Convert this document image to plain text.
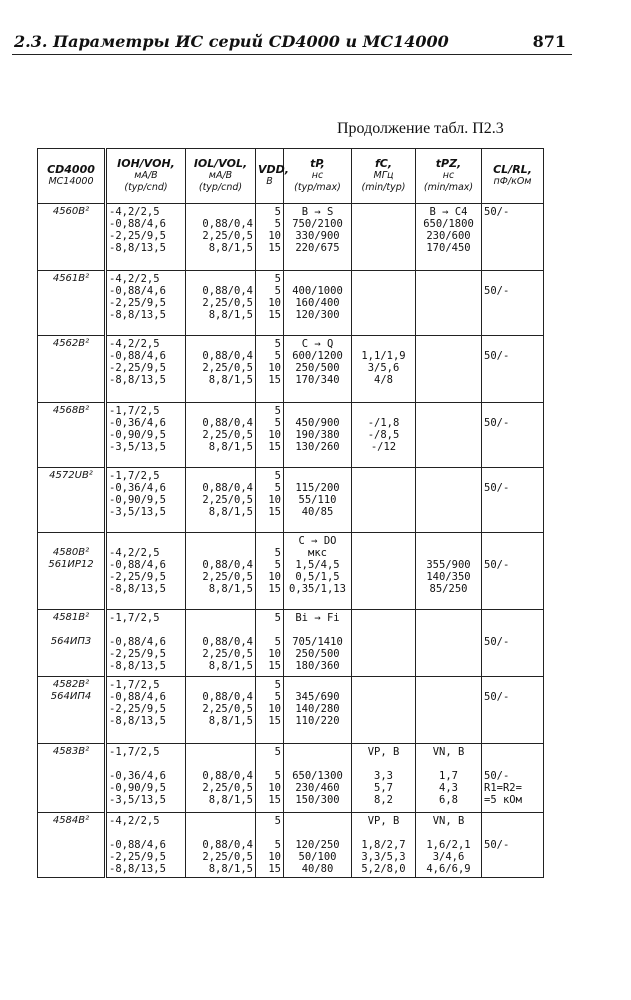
2.3. Параметры ИС серий CD4000 и MC14000	871
Продолжение табл. П2.3
CD4000
MC14000	IOH/VOH,
мА/В
(typ/cnd)	IOL/VOL,
мА/В
(typ/cnd)	VDD,
В	tP,
нс
(typ/max)	fC,
МГц
(min/typ)	tPZ,
нс
(min/max)	CL/RL,
пФ/кОм

4560B²	-4,2/2,5
-0,88/4,6
-2,25/9,5
-8,8/13,5	0,88/0,4
2,25/0,5
8,8/1,5	5
5
10
15	B → S
750/2100
330/900
220/675		B → C4
650/1800
230/600
170/450	50/-

4561B²	-4,2/2,5
-0,88/4,6
-2,25/9,5
-8,8/13,5	0,88/0,4
2,25/0,5
8,8/1,5	5
5
10
15	400/1000
160/400
120/300			50/-

4562B²	-4,2/2,5
-0,88/4,6
-2,25/9,5
-8,8/13,5	0,88/0,4
2,25/0,5
8,8/1,5	5
5
10
15	C → Q
600/1200
250/500
170/340	1,1/1,9
3/5,6
4/8		50/-

4568B²	-1,7/2,5
-0,36/4,6
-0,90/9,5
-3,5/13,5	0,88/0,4
2,25/0,5
8,8/1,5	5
5
10
15	450/900
190/380
130/260	-/1,8
-/8,5
-/12		50/-

4572UB²	-1,7/2,5
-0,36/4,6
-0,90/9,5
-3,5/13,5	0,88/0,4
2,25/0,5
8,8/1,5	5
5
10
15	115/200
55/110
40/85			50/-

4580B²
561ИР12	-4,2/2,5
-0,88/4,6
-2,25/9,5
-8,8/13,5	0,88/0,4
2,25/0,5
8,8/1,5	5
5
10
15	C → DO
мкс
1,5/4,5
0,5/1,5
0,35/1,13		355/900
140/350
85/250	50/-

4581B²
564ИП3	-1,7/2,5
-0,88/4,6
-2,25/9,5
-8,8/13,5	0,88/0,4
2,25/0,5
8,8/1,5	5
5
10
15	Bi → Fi
705/1410
250/500
180/360			50/-

4582B²
564ИП4	-1,7/2,5
-0,88/4,6
-2,25/9,5
-8,8/13,5	0,88/0,4
2,25/0,5
8,8/1,5	5
5
10
15	345/690
140/280
110/220			50/-

4583B²	-1,7/2,5
-0,36/4,6
-0,90/9,5
-3,5/13,5	0,88/0,4
2,25/0,5
8,8/1,5	5
5
10
15	650/1300
230/460
150/300	VP, В
3,3
5,7
8,2	VN, В
1,7
4,3
6,8	50/-
R1=R2=
=5 кОм

4584B²	-4,2/2,5
-0,88/4,6
-2,25/9,5
-8,8/13,5	0,88/0,4
2,25/0,5
8,8/1,5	5
5
10
15	120/250
50/100
40/80	VP, В
1,8/2,7
3,3/5,3
5,2/8,0	VN, В
1,6/2,1
3/4,6
4,6/6,9	50/-
